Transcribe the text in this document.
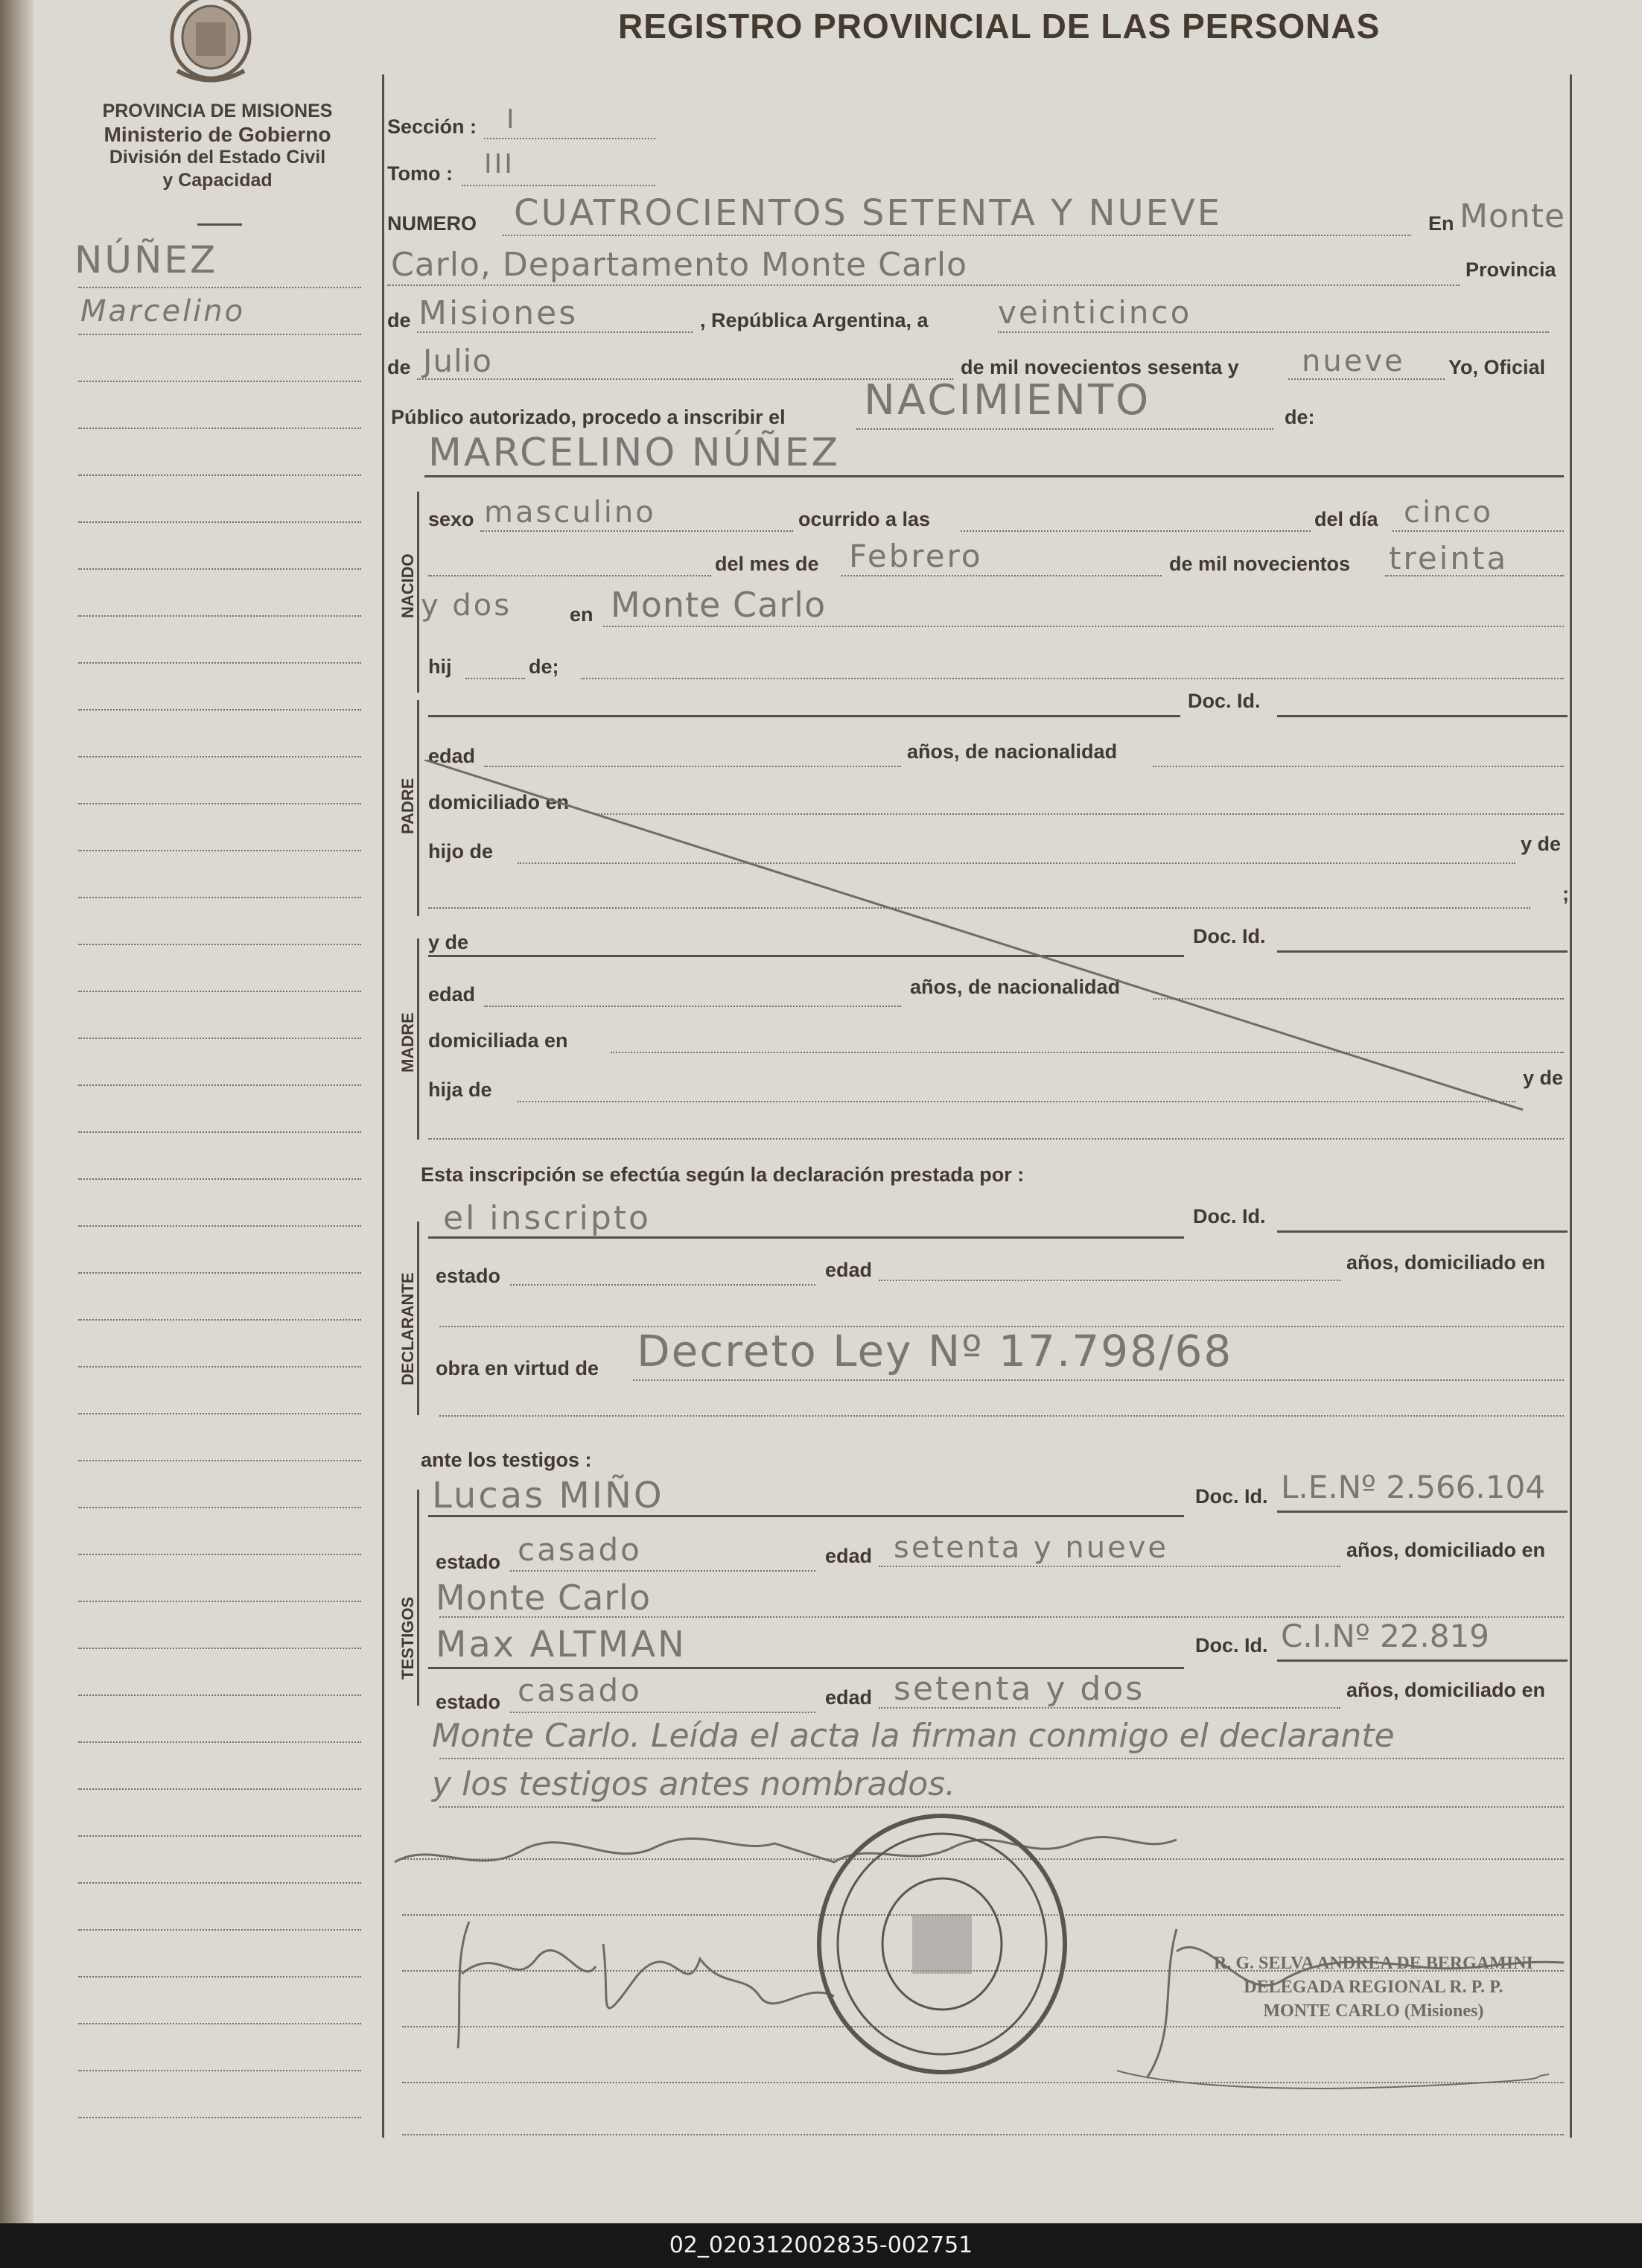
REGISTRO PROVINCIAL DE LAS PERSONAS
PROVINCIA DE MISIONES
Ministerio de Gobierno
División del Estado Civil
y Capacidad
NÚÑEZ
Marcelino
NACIDO
PADRE
MADRE
DECLARANTE
TESTIGOS
Sección : I
Tomo : III
NUMERO CUATROCIENTOS SETENTA Y NUEVE	En Monte
Carlo, Departamento Monte Carlo	Provincia
de Misiones	, República Argentina, a veinticinco
de Julio	de mil novecientos sesenta y nueve Yo, Oficial
Público autorizado, procedo a inscribir el NACIMIENTO	de:
MARCELINO NÚÑEZ
sexo masculino	ocurrido a las	del día cinco
del mes de Febrero	de mil novecientos treinta
y dos	en Monte Carlo
hij	de;
Doc. Id.
edad	años, de nacionalidad
domiciliado en
hijo de	y de
;
y de	Doc. Id.
edad	años, de nacionalidad
domiciliada en
hija de
y de
Esta inscripción se efectúa según la declaración prestada por :
el inscripto	Doc. Id.
estado	edad	años, domiciliado en
obra en virtud de Decreto Ley Nº 17.798/68
ante los testigos :
Lucas MIÑO	Doc. Id. L.E.Nº 2.566.104
estado casado	edad setenta y nueve	años, domiciliado en
Monte Carlo
Max ALTMAN	Doc. Id. C.I.Nº 22.819
estado casado	edad setenta y dos	años, domiciliado en
Monte Carlo. Leída el acta la firman conmigo el declarante
y los testigos antes nombrados.
R. G. SELVA ANDREA DE BERGAMINI
DELEGADA REGIONAL R. P. P.
MONTE CARLO (Misiones)
02_020312002835-002751
